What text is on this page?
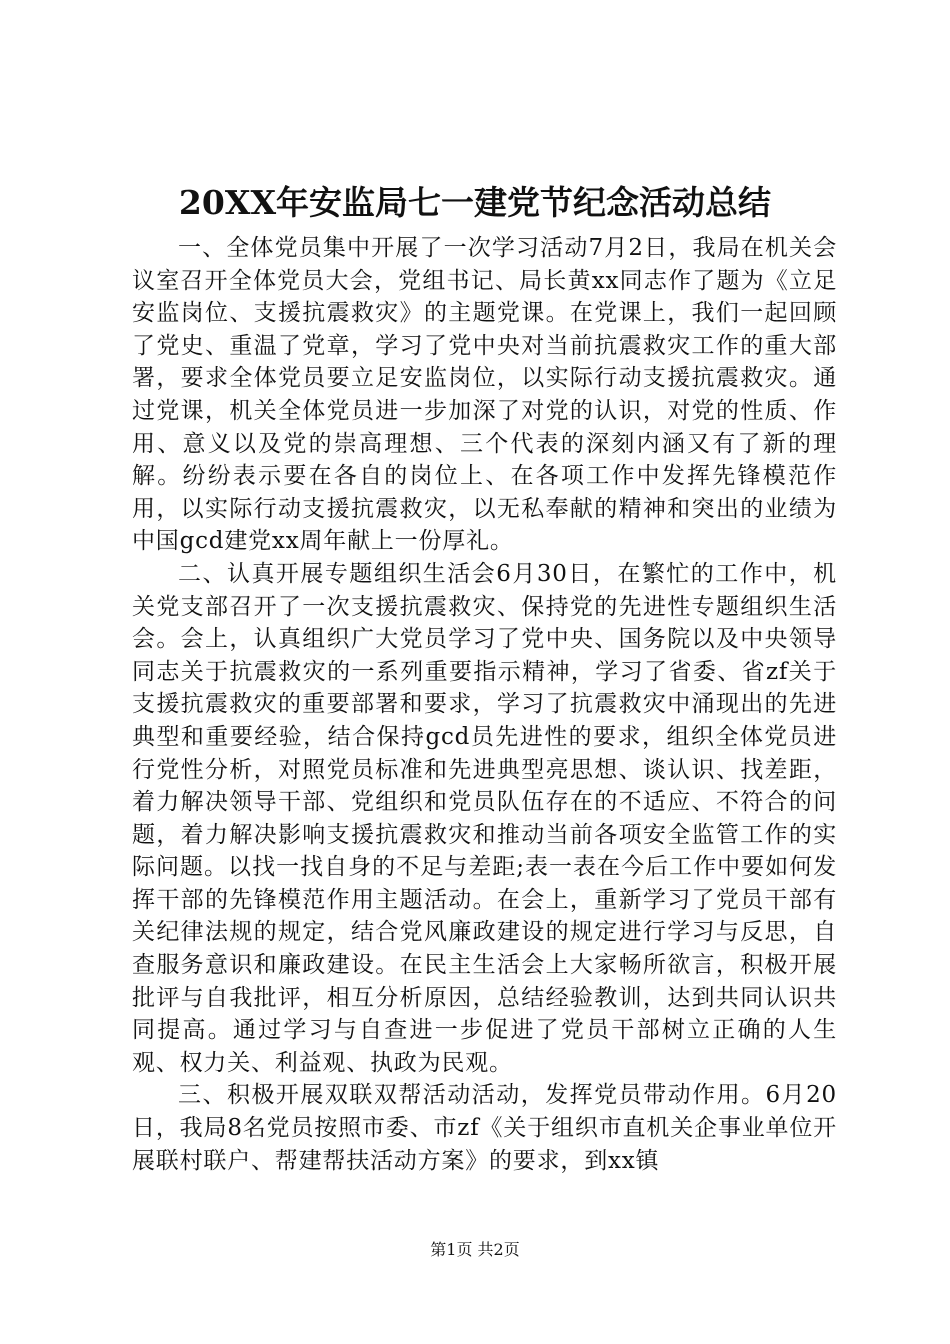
20XX年安监局七一建党节纪念活动总结

一、全体党员集中开展了一次学习活动7月2日，我局在机关会议室召开全体党员大会，党组书记、局长黄xx同志作了题为《立足安监岗位、支援抗震救灾》的主题党课。在党课上，我们一起回顾了党史、重温了党章，学习了党中央对当前抗震救灾工作的重大部署，要求全体党员要立足安监岗位，以实际行动支援抗震救灾。通过党课，机关全体党员进一步加深了对党的认识，对党的性质、作用、意义以及党的崇高理想、三个代表的深刻内涵又有了新的理解。纷纷表示要在各自的岗位上、在各项工作中发挥先锋模范作用，以实际行动支援抗震救灾，以无私奉献的精神和突出的业绩为中国gcd建党xx周年献上一份厚礼。

二、认真开展专题组织生活会6月30日，在繁忙的工作中，机关党支部召开了一次支援抗震救灾、保持党的先进性专题组织生活会。会上，认真组织广大党员学习了党中央、国务院以及中央领导同志关于抗震救灾的一系列重要指示精神，学习了省委、省zf关于支援抗震救灾的重要部署和要求，学习了抗震救灾中涌现出的先进典型和重要经验，结合保持gcd员先进性的要求，组织全体党员进行党性分析，对照党员标准和先进典型亮思想、谈认识、找差距，着力解决领导干部、党组织和党员队伍存在的不适应、不符合的问题，着力解决影响支援抗震救灾和推动当前各项安全监管工作的实际问题。以找一找自身的不足与差距;表一表在今后工作中要如何发挥干部的先锋模范作用主题活动。在会上，重新学习了党员干部有关纪律法规的规定，结合党风廉政建设的规定进行学习与反思，自查服务意识和廉政建设。在民主生活会上大家畅所欲言，积极开展批评与自我批评，相互分析原因，总结经验教训，达到共同认识共同提高。通过学习与自查进一步促进了党员干部树立正确的人生观、权力关、利益观、执政为民观。

三、积极开展双联双帮活动活动，发挥党员带动作用。6月20日，我局8名党员按照市委、市zf《关于组织市直机关企事业单位开展联村联户、帮建帮扶活动方案》的要求，到xx镇

第1页 共2页
